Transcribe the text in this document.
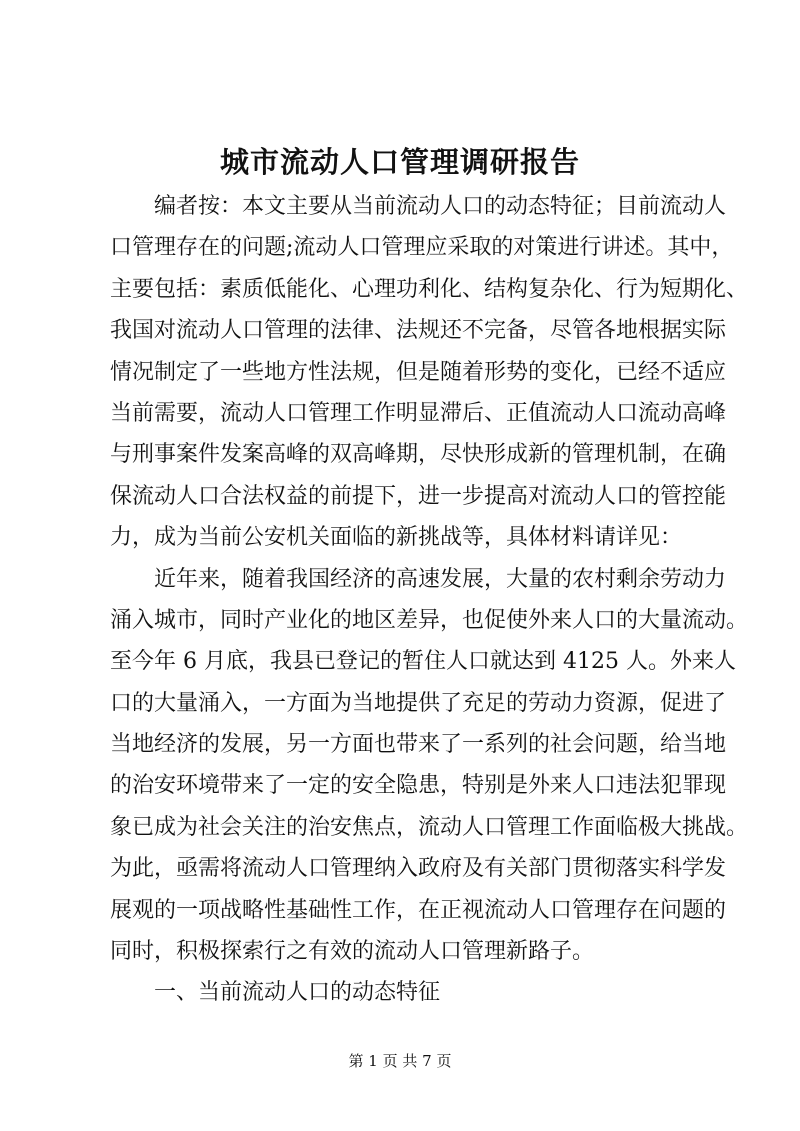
城市流动人口管理调研报告
编者按：本文主要从当前流动人口的动态特征；目前流动人
口管理存在的问题;流动人口管理应采取的对策进行讲述。其中，
主要包括：素质低能化、心理功利化、结构复杂化、行为短期化、
我国对流动人口管理的法律、法规还不完备，尽管各地根据实际
情况制定了一些地方性法规，但是随着形势的变化，已经不适应
当前需要，流动人口管理工作明显滞后、正值流动人口流动高峰
与刑事案件发案高峰的双高峰期，尽快形成新的管理机制，在确
保流动人口合法权益的前提下，进一步提高对流动人口的管控能
力，成为当前公安机关面临的新挑战等，具体材料请详见：
近年来，随着我国经济的高速发展，大量的农村剩余劳动力
涌入城市，同时产业化的地区差异，也促使外来人口的大量流动。
至今年 6 月底，我县已登记的暂住人口就达到 4125 人。外来人
口的大量涌入，一方面为当地提供了充足的劳动力资源，促进了
当地经济的发展，另一方面也带来了一系列的社会问题，给当地
的治安环境带来了一定的安全隐患，特别是外来人口违法犯罪现
象已成为社会关注的治安焦点，流动人口管理工作面临极大挑战。
为此，亟需将流动人口管理纳入政府及有关部门贯彻落实科学发
展观的一项战略性基础性工作，在正视流动人口管理存在问题的
同时，积极探索行之有效的流动人口管理新路子。
一、当前流动人口的动态特征
第 1 页 共 7 页
